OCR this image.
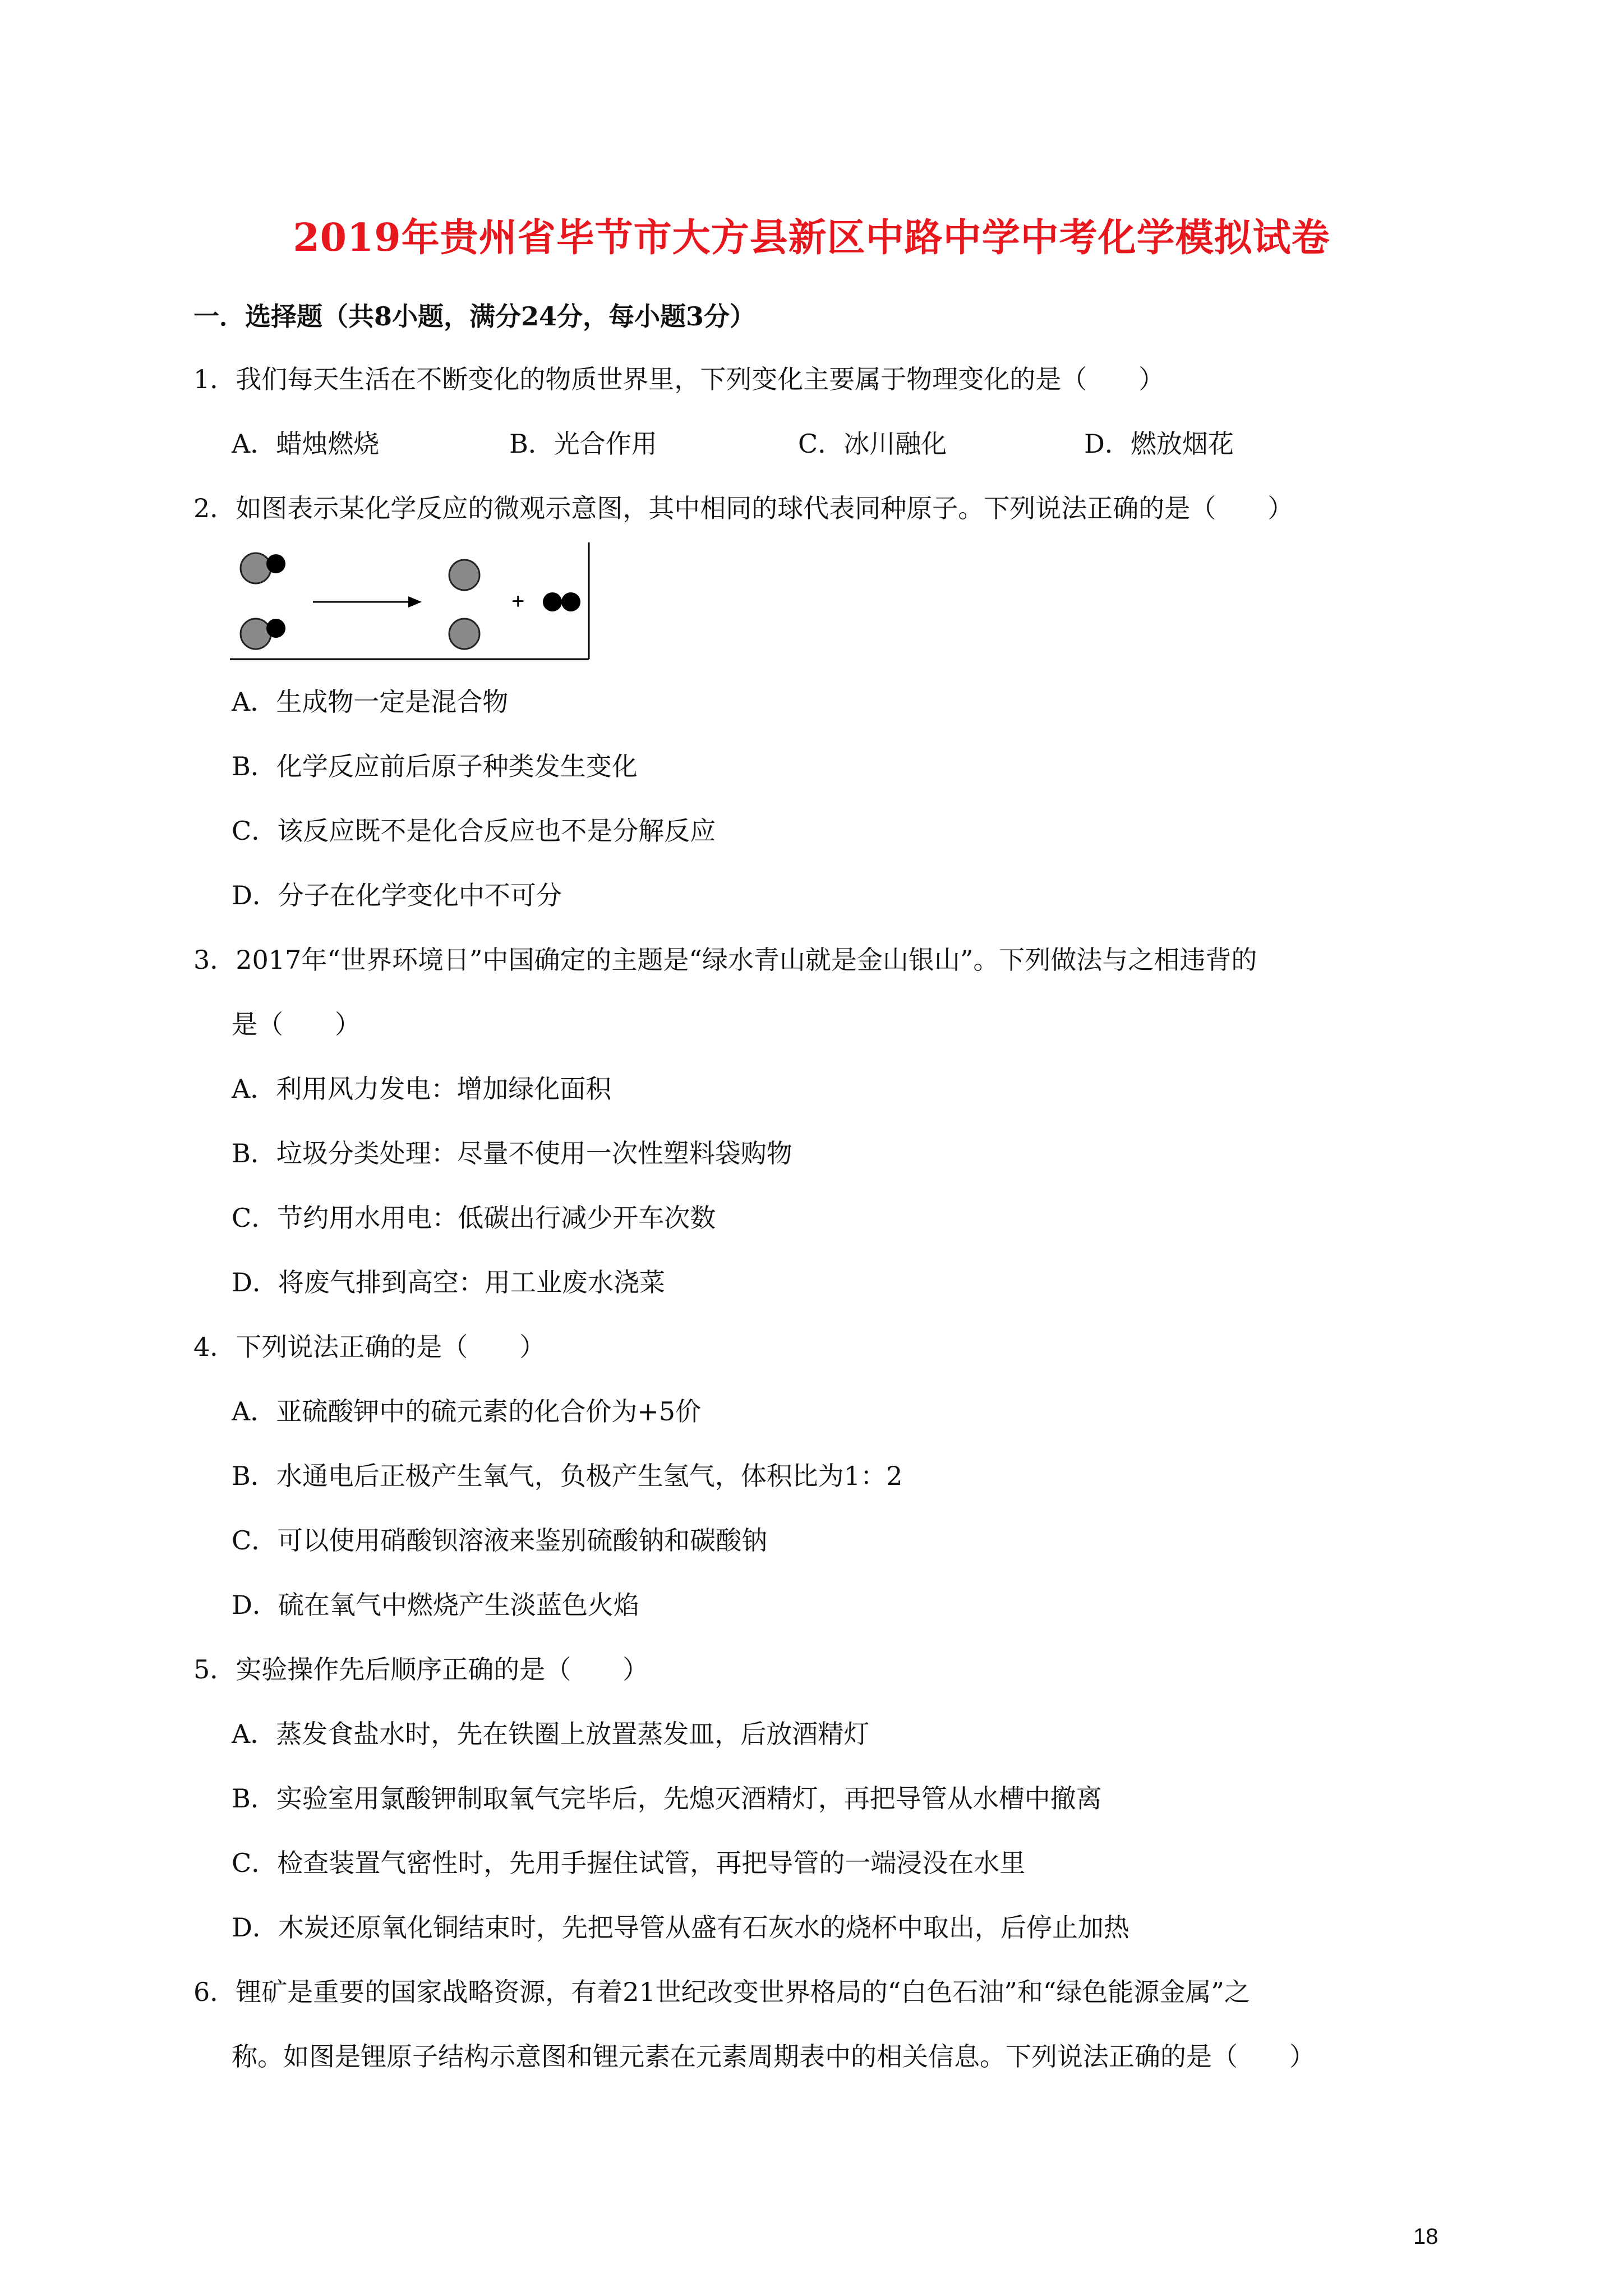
2019年贵州省毕节市大方县新区中路中学中考化学模拟试卷
一．选择题（共8小题，满分24分，每小题3分）
1．我们每天生活在不断变化的物质世界里，下列变化主要属于物理变化的是（　　）
A．蜡烛燃烧	B．光合作用	C．冰川融化	D．燃放烟花
2．如图表示某化学反应的微观示意图，其中相同的球代表同种原子。下列说法正确的是（　　）
+
A．生成物一定是混合物
B．化学反应前后原子种类发生变化
C．该反应既不是化合反应也不是分解反应
D．分子在化学变化中不可分
3．2017年“世界环境日”中国确定的主题是“绿水青山就是金山银山”。下列做法与之相违背的
是（　　）
A．利用风力发电：增加绿化面积
B．垃圾分类处理：尽量不使用一次性塑料袋购物
C．节约用水用电：低碳出行减少开车次数
D．将废气排到高空：用工业废水浇菜
4．下列说法正确的是（　　）
A．亚硫酸钾中的硫元素的化合价为+5价
B．水通电后正极产生氧气，负极产生氢气，体积比为1：2
C．可以使用硝酸钡溶液来鉴别硫酸钠和碳酸钠
D．硫在氧气中燃烧产生淡蓝色火焰
5．实验操作先后顺序正确的是（　　）
A．蒸发食盐水时，先在铁圈上放置蒸发皿，后放酒精灯
B．实验室用氯酸钾制取氧气完毕后，先熄灭酒精灯，再把导管从水槽中撤离
C．检查装置气密性时，先用手握住试管，再把导管的一端浸没在水里
D．木炭还原氧化铜结束时，先把导管从盛有石灰水的烧杯中取出，后停止加热
6．锂矿是重要的国家战略资源，有着21世纪改变世界格局的“白色石油”和“绿色能源金属”之
称。如图是锂原子结构示意图和锂元素在元素周期表中的相关信息。下列说法正确的是（　　）
18
